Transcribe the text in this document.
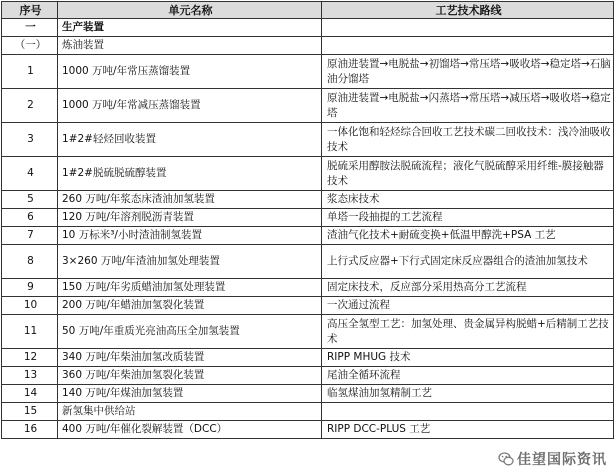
序号	单元名称	工艺技术路线
一	生产装置	
（一）	炼油装置	
1	1000 万吨/年常压蒸馏装置	原油进装置→电脱盐→初馏塔→常压塔→吸收塔→稳定塔→石脑油分馏塔
2	1000 万吨/年常减压蒸馏装置	原油进装置→电脱盐→闪蒸塔→常压塔→减压塔→吸收塔→稳定塔
3	1#2#轻烃回收装置	一体化饱和轻烃综合回收工艺技术碳二回收技术：浅冷油吸收技术
4	1#2#脱硫脱硫醇装置	脱硫采用醇胺法脱硫流程；液化气脱硫醇采用纤维-膜接触器技术
5	260 万吨/年浆态床渣油加氢装置	浆态床技术
6	120 万吨/年溶剂脱沥青装置	单塔一段抽提的工艺流程
7	10 万标米³/小时渣油制氢装置	渣油气化技术+耐硫变换+低温甲醇洗+PSA 工艺
8	3×260 万吨/年渣油加氢处理装置	上行式反应器+下行式固定床反应器组合的渣油加氢技术
9	150 万吨/年劣质蜡油加氢处理装置	固定床技术，反应部分采用热高分工艺流程
10	200 万吨/年蜡油加氢裂化装置	一次通过流程
11	50 万吨/年重质光亮油高压全加氢装置	高压全氢型工艺：加氢处理、贵金属异构脱蜡+后精制工艺技术
12	340 万吨/年柴油加氢改质装置	RIPP MHUG 技术
13	360 万吨/年柴油加氢裂化装置	尾油全循环流程
14	140 万吨/年煤油加氢装置	临氢煤油加氢精制工艺
15	新氢集中供给站	
16	400 万吨/年催化裂解装置（DCC）	RIPP DCC-PLUS 工艺
佳望国际资讯
